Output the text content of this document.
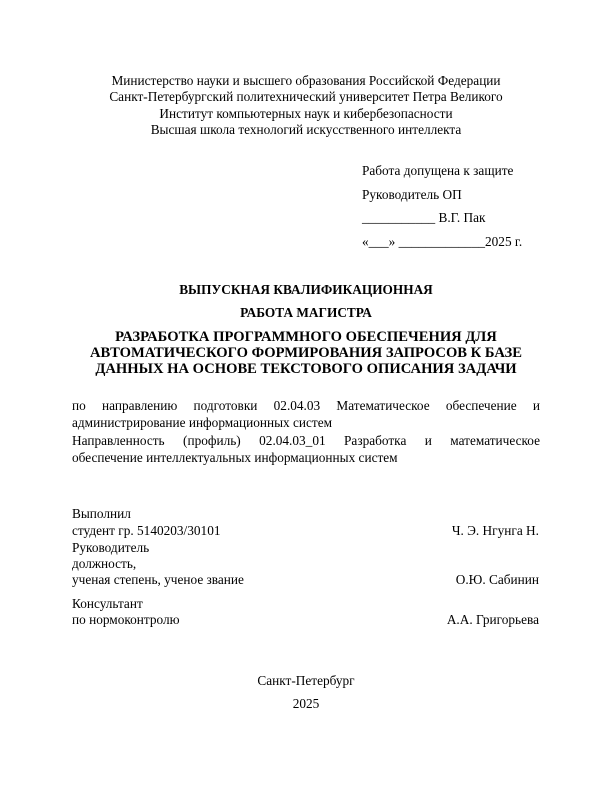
Министерство науки и высшего образования Российской Федерации
Санкт-Петербургский политехнический университет Петра Великого
Институт компьютерных наук и кибербезопасности
Высшая школа технологий искусственного интеллекта
Работа допущена к защите
Руководитель ОП
___________ В.Г. Пак
«___» _____________2025 г.
ВЫПУСКНАЯ КВАЛИФИКАЦИОННАЯ
РАБОТА МАГИСТРА
РАЗРАБОТКА ПРОГРАММНОГО ОБЕСПЕЧЕНИЯ ДЛЯ
АВТОМАТИЧЕСКОГО ФОРМИРОВАНИЯ ЗАПРОСОВ К БАЗЕ
ДАННЫХ НА ОСНОВЕ ТЕКСТОВОГО ОПИСАНИЯ ЗАДАЧИ
по направлению подготовки 02.04.03 Математическое обеспечение и
администрирование информационных систем
Направленность (профиль) 02.04.03_01 Разработка и математическое
обеспечение интеллектуальных информационных систем
Выполнил
студент гр. 5140203/30101	Ч. Э. Нгунга Н.
Руководитель
должность,
ученая степень, ученое звание	О.Ю. Сабинин
Консультант
по нормоконтролю	А.А. Григорьева
Санкт-Петербург
2025
